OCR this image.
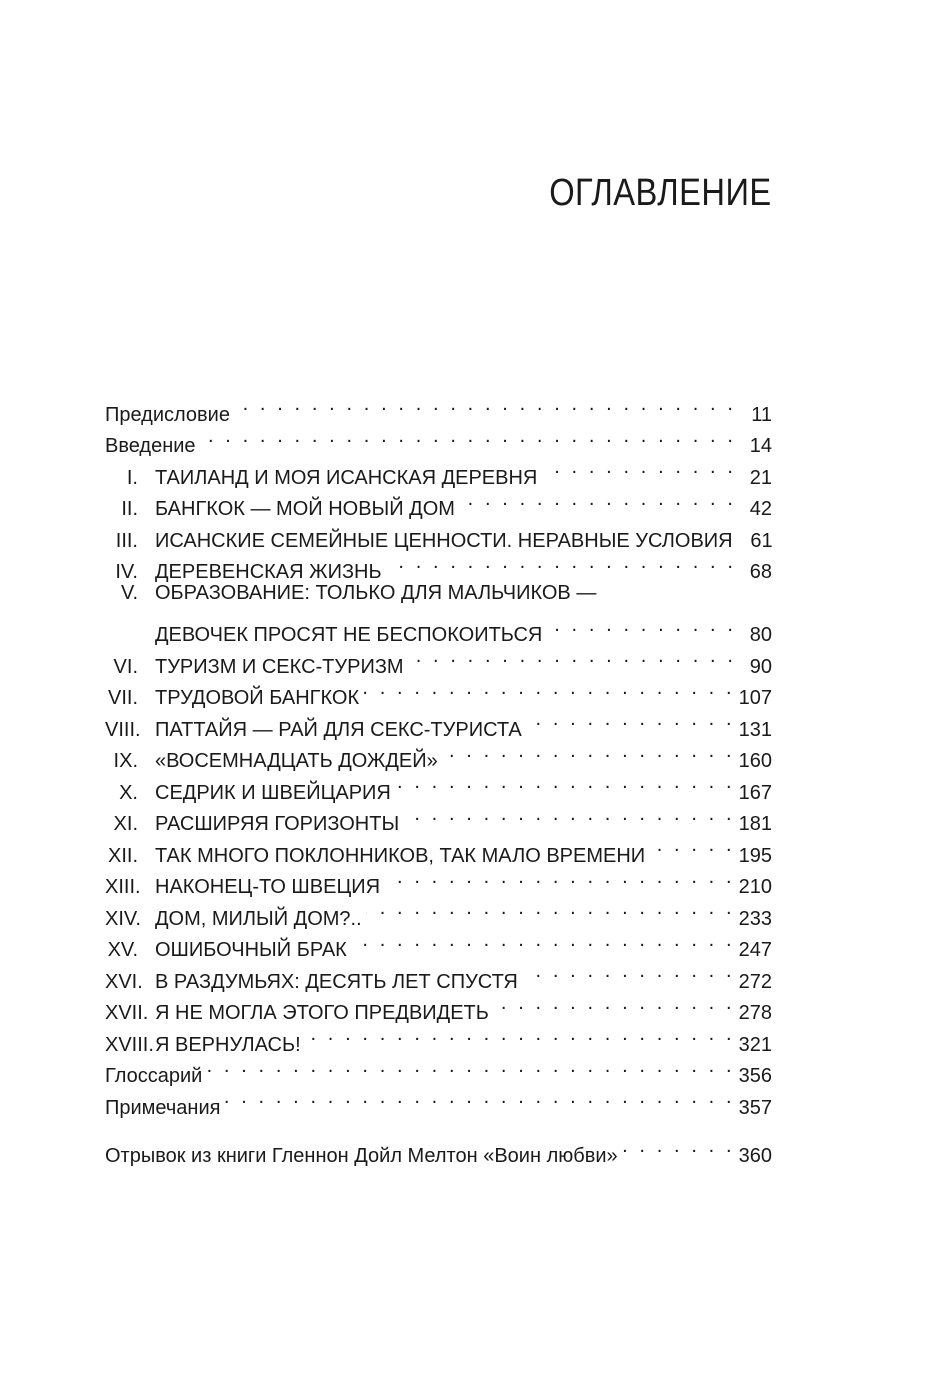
ОГЛАВЛЕНИЕ
Предисловие . . .	11
Введение . . .	14
I. ТАИЛАНД И МОЯ ИСАНСКАЯ ДЕРЕВНЯ . . .	21
II. БАНГКОК — МОЙ НОВЫЙ ДОМ . . .	42
III. ИСАНСКИЕ СЕМЕЙНЫЕ ЦЕННОСТИ. НЕРАВНЫЕ УСЛОВИЯ 61
IV. ДЕРЕВЕНСКАЯ ЖИЗНЬ . . .	68
V. ОБРАЗОВАНИЕ: ТОЛЬКО ДЛЯ МАЛЬЧИКОВ —
ДЕВОЧЕК ПРОСЯТ НЕ БЕСПОКОИТЬСЯ . . .	80
VI. ТУРИЗМ И СЕКС-ТУРИЗМ . . .	90
VII. ТРУДОВОЙ БАНГКОК . . .	107
VIII. ПАТТАЙЯ — РАЙ ДЛЯ СЕКС-ТУРИСТА . . .	131
IX. «ВОСЕМНАДЦАТЬ ДОЖДЕЙ» . . .	160
X. СЕДРИК И ШВЕЙЦАРИЯ . . .	167
XI. РАСШИРЯЯ ГОРИЗОНТЫ . . .	181
XII. ТАК МНОГО ПОКЛОННИКОВ, ТАК МАЛО ВРЕМЕНИ . . .	195
XIII. НАКОНЕЦ-ТО ШВЕЦИЯ . . .	210
XIV. ДОМ, МИЛЫЙ ДОМ?.. . . .	233
XV. ОШИБОЧНЫЙ БРАК . . .	247
XVI. В РАЗДУМЬЯХ: ДЕСЯТЬ ЛЕТ СПУСТЯ . . .	272
XVII. Я НЕ МОГЛА ЭТОГО ПРЕДВИДЕТЬ . . .	278
XVIII. Я ВЕРНУЛАСЬ! . . .	321
Глоссарий . . .	356
Примечания . . .	357
Отрывок из книги Гленнон Дойл Мелтон «Воин любви» . . .	360
